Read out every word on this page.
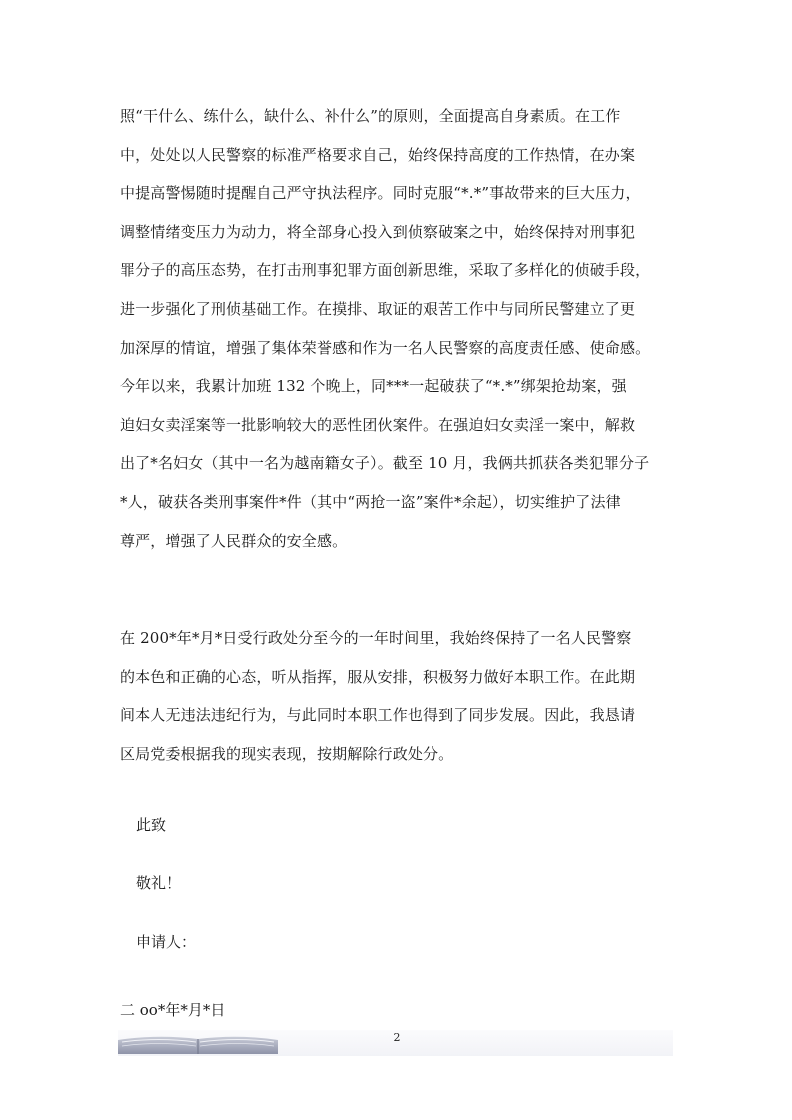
照“干什么、练什么，缺什么、补什么”的原则，全面提高自身素质。在工作
中，处处以人民警察的标准严格要求自己，始终保持高度的工作热情，在办案
中提高警惕随时提醒自己严守执法程序。同时克服“*.*”事故带来的巨大压力，
调整情绪变压力为动力，将全部身心投入到侦察破案之中，始终保持对刑事犯
罪分子的高压态势，在打击刑事犯罪方面创新思维，采取了多样化的侦破手段，
进一步强化了刑侦基础工作。在摸排、取证的艰苦工作中与同所民警建立了更
加深厚的情谊，增强了集体荣誉感和作为一名人民警察的高度责任感、使命感。
今年以来，我累计加班 132 个晚上，同***一起破获了“*.*”绑架抢劫案，强
迫妇女卖淫案等一批影响较大的恶性团伙案件。在强迫妇女卖淫一案中，解救
出了*名妇女（其中一名为越南籍女子）。截至 10 月，我俩共抓获各类犯罪分子
*人，破获各类刑事案件*件（其中“两抢一盗”案件*余起），切实维护了法律
尊严，增强了人民群众的安全感。
在 200*年*月*日受行政处分至今的一年时间里，我始终保持了一名人民警察
的本色和正确的心态，听从指挥，服从安排，积极努力做好本职工作。在此期
间本人无违法违纪行为，与此同时本职工作也得到了同步发展。因此，我恳请
区局党委根据我的现实表现，按期解除行政处分。
此致
敬礼！
申请人：
二 oo*年*月*日
2
